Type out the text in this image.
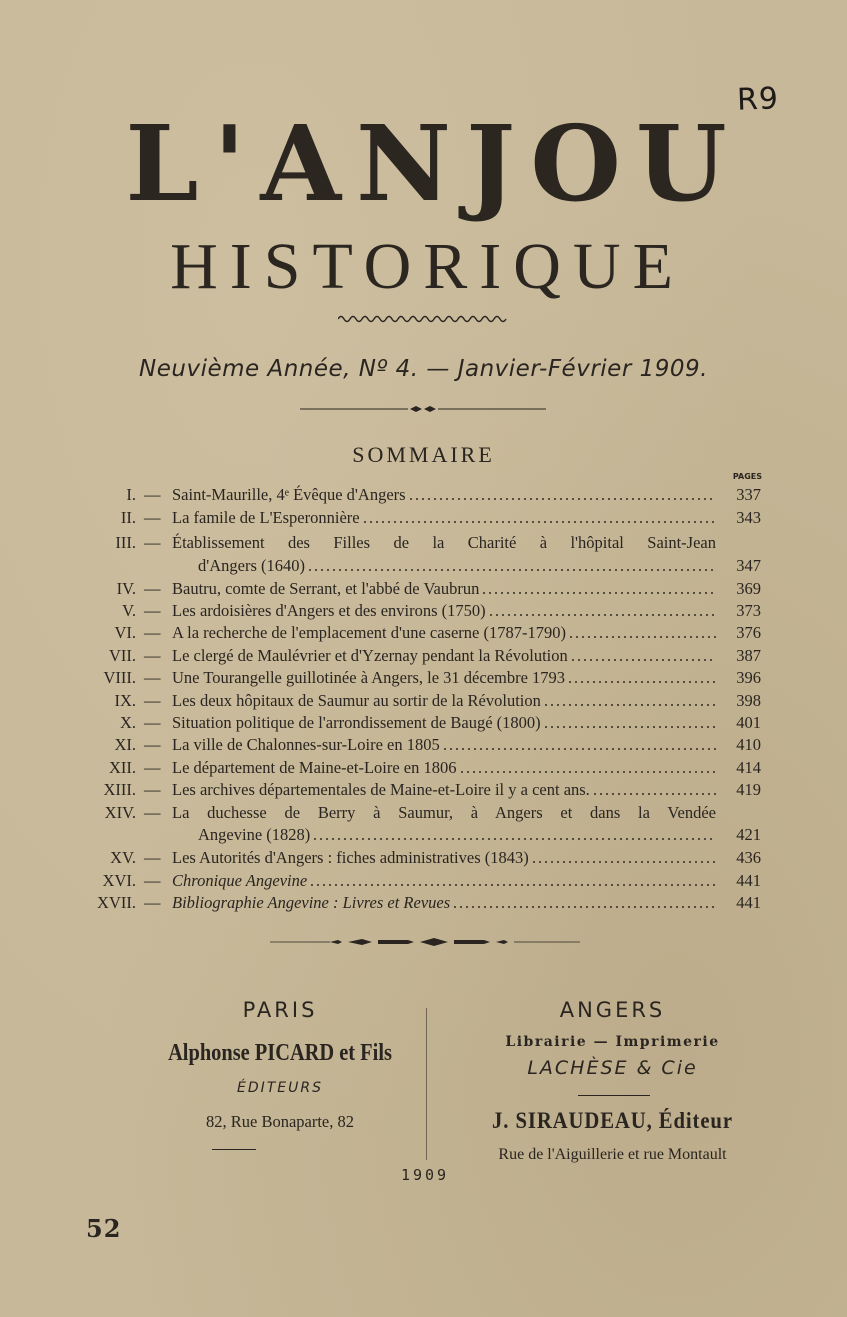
R9
L'ANJOU
HISTORIQUE
Neuvième Année, Nº 4. — Janvier-Février 1909.
SOMMAIRE
PAGES
I. — Saint-Maurille, 4ᵉ Évêque d'Angers	337
II. — La famile de L'Esperonnière	343
III. — Établissement des Filles de la Charité à l'hôpital Saint-Jean
d'Angers (1640)	347
IV. — Bautru, comte de Serrant, et l'abbé de Vaubrun	369
V. — Les ardoisières d'Angers et des environs (1750)	373
VI. — A la recherche de l'emplacement d'une caserne (1787-1790)	376
VII. — Le clergé de Maulévrier et d'Yzernay pendant la Révolution	387
VIII. — Une Tourangelle guillotinée à Angers, le 31 décembre 1793	396
IX. — Les deux hôpitaux de Saumur au sortir de la Révolution	398
X. — Situation politique de l'arrondissement de Baugé (1800)	401
XI. — La ville de Chalonnes-sur-Loire en 1805	410
XII. — Le département de Maine-et-Loire en 1806	414
XIII. — Les archives départementales de Maine-et-Loire il y a cent ans.	419
XIV. — La duchesse de Berry à Saumur, à Angers et dans la Vendée
Angevine (1828)	421
XV. — Les Autorités d'Angers : fiches administratives (1843)	436
XVI. — Chronique Angevine	441
XVII. — Bibliographie Angevine : Livres et Revues	441
PARIS
Alphonse PICARD et Fils
ÉDITEURS
82, Rue Bonaparte, 82
ANGERS
Librairie — Imprimerie
LACHÈSE & Cie
J. SIRAUDEAU, Éditeur
Rue de l'Aiguillerie et rue Montault
1909
52
